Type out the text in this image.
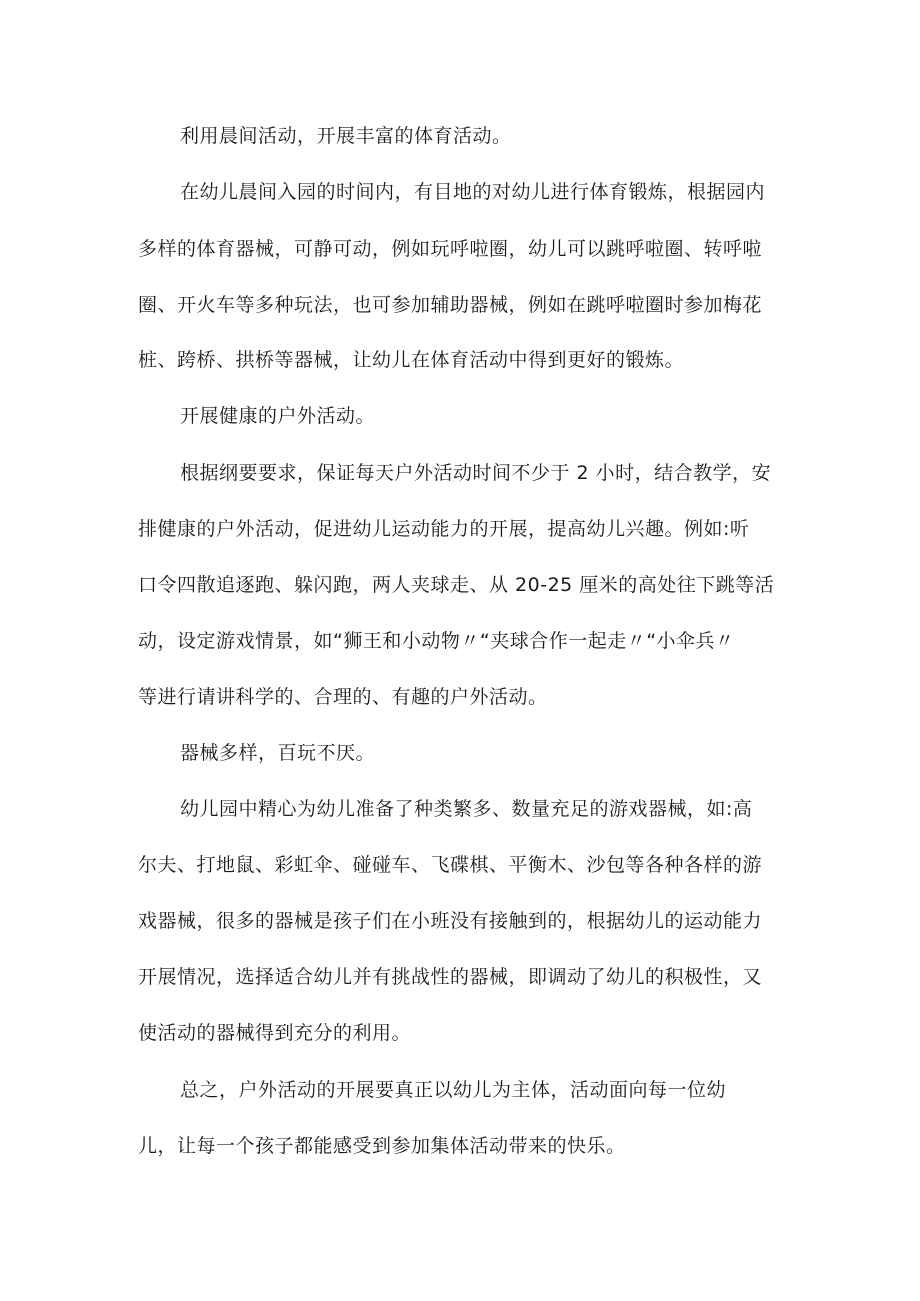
利用晨间活动，开展丰富的体育活动。

在幼儿晨间入园的时间内，有目地的对幼儿进行体育锻炼，根据园内

多样的体育器械，可静可动，例如玩呼啦圈，幼儿可以跳呼啦圈、转呼啦

圈、开火车等多种玩法，也可参加辅助器械，例如在跳呼啦圈时参加梅花

桩、跨桥、拱桥等器械，让幼儿在体育活动中得到更好的锻炼。

开展健康的户外活动。

根据纲要要求，保证每天户外活动时间不少于 2 小时，结合教学，安

排健康的户外活动，促进幼儿运动能力的开展，提高幼儿兴趣。例如:听

口令四散追逐跑、躲闪跑，两人夹球走、从 20-25 厘米的高处往下跳等活

动，设定游戏情景，如“狮王和小动物〃“夹球合作一起走〃“小伞兵〃

等进行请讲科学的、合理的、有趣的户外活动。

器械多样，百玩不厌。

幼儿园中精心为幼儿准备了种类繁多、数量充足的游戏器械，如:高

尔夫、打地鼠、彩虹伞、碰碰车、飞碟棋、平衡木、沙包等各种各样的游

戏器械，很多的器械是孩子们在小班没有接触到的，根据幼儿的运动能力

开展情况，选择适合幼儿并有挑战性的器械，即调动了幼儿的积极性，又

使活动的器械得到充分的利用。

总之，户外活动的开展要真正以幼儿为主体，活动面向每一位幼

儿，让每一个孩子都能感受到参加集体活动带来的快乐。
